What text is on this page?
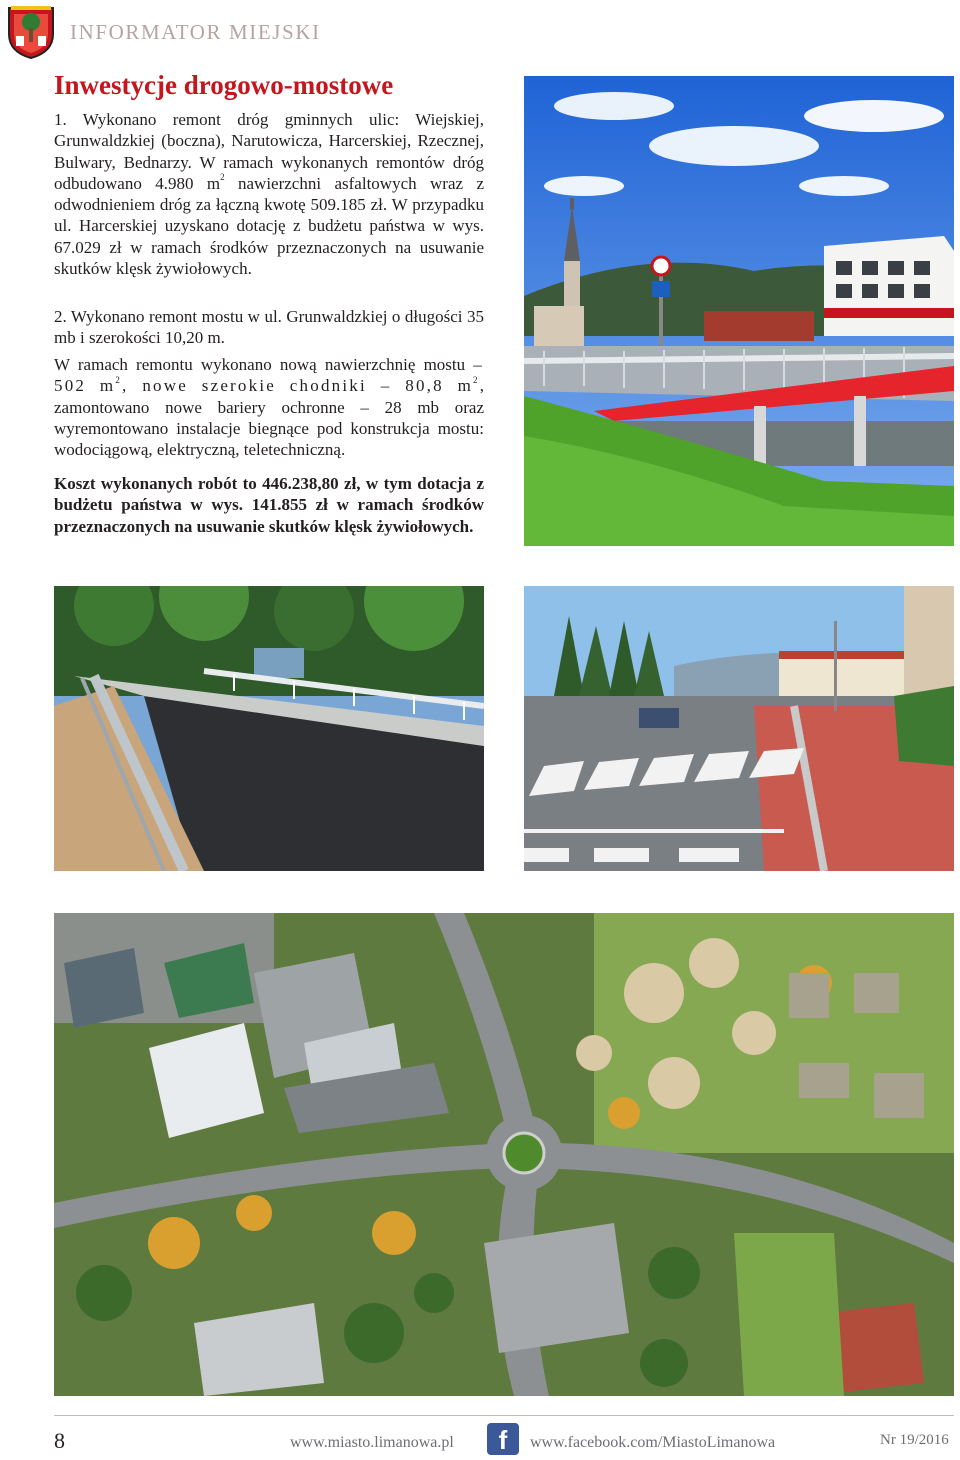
INFORMATOR MIEJSKI
Inwestycje drogowo-mostowe

1. Wykonano remont dróg gminnych ulic: Wiejskiej, Grunwaldzkiej (boczna), Narutowicza, Harcerskiej, Rzecznej, Bulwary, Bednarzy. W ramach wykonanych remontów dróg odbudowano 4.980 $m^2$ nawierzchni asfaltowych wraz z odwodnieniem dróg za łączną kwotę 509.185 zł. W przypadku ul. Harcerskiej uzyskano dotację z budżetu państwa w wys. 67.029 zł w ramach środków przeznaczonych na usuwanie skutków klęsk żywiołowych.

2. Wykonano remont mostu w ul. Grunwaldzkiej o długości 35 mb i szerokości 10,20 m.

W ramach remontu wykonano nową nawierzchnię mostu – 502 $m^2$, nowe szerokie chodniki – 80,8 $m^2$, zamontowano nowe bariery ochronne – 28 mb oraz wyremontowano instalacje biegnące pod konstrukcja mostu: wodociągową, elektryczną, teletechniczną.

Koszt wykonanych robót to 446.238,80 zł, w tym dotacja z budżetu państwa w wys. 141.855 zł w ramach środków przeznaczonych na usuwanie skutków klęsk żywiołowych.

8	www.miasto.limanowa.pl	f	www.facebook.com/MiastoLimanowa	Nr 19/2016
